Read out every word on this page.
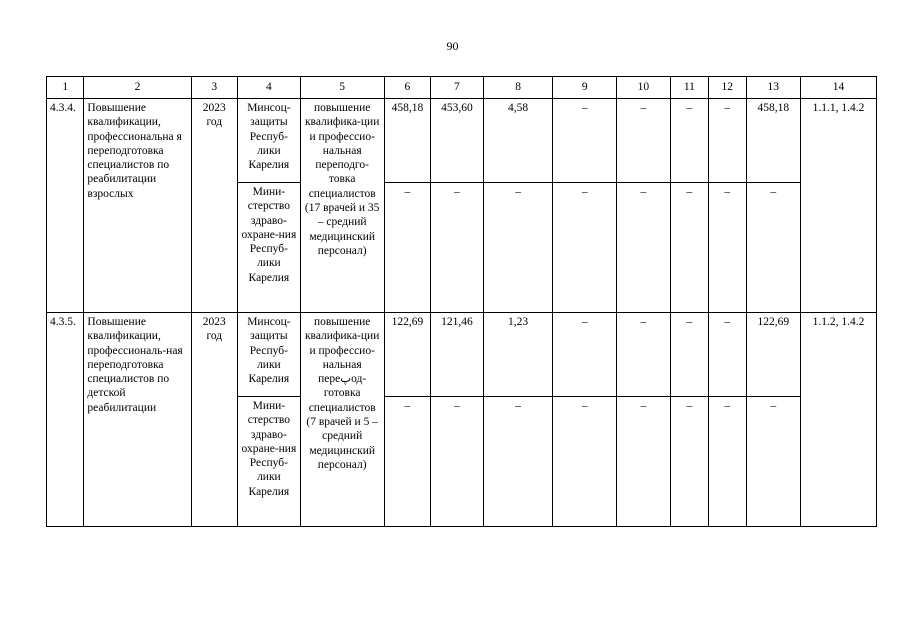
90
1	2	3	4	5	6	7	8	9	10	11	12	13	14
4.3.4.	Повышение квалификации, профессиональна я переподготовка специалистов по реабилитации взрослых	2023 год	Минсоц-защиты Респуб-лики Карелия	повышение квалифика-ции и профессио-нальная переподго-товка специалистов (17 врачей и 35 – средний медицинский персонал)	458,18	453,60	4,58	–	–	–	–	458,18	1.1.1, 1.4.2
			Мини-стерство здраво-охране-ния Респуб-лики Карелия		–	–	–	–	–	–	–	–	
4.3.5.	Повышение квалификации, профессиональ-ная переподготовка специалистов по детской реабилитации	2023 год	Минсоц-защиты Респуб-лики Карелия	повышение квалифика-ции и профессио-нальная переپод-готовка специалистов (7 врачей и 5 – средний медицинский персонал)	122,69	121,46	1,23	–	–	–	–	122,69	1.1.2, 1.4.2
			Мини-стерство здраво-охране-ния Респуб-лики Карелия		–	–	–	–	–	–	–	–	
